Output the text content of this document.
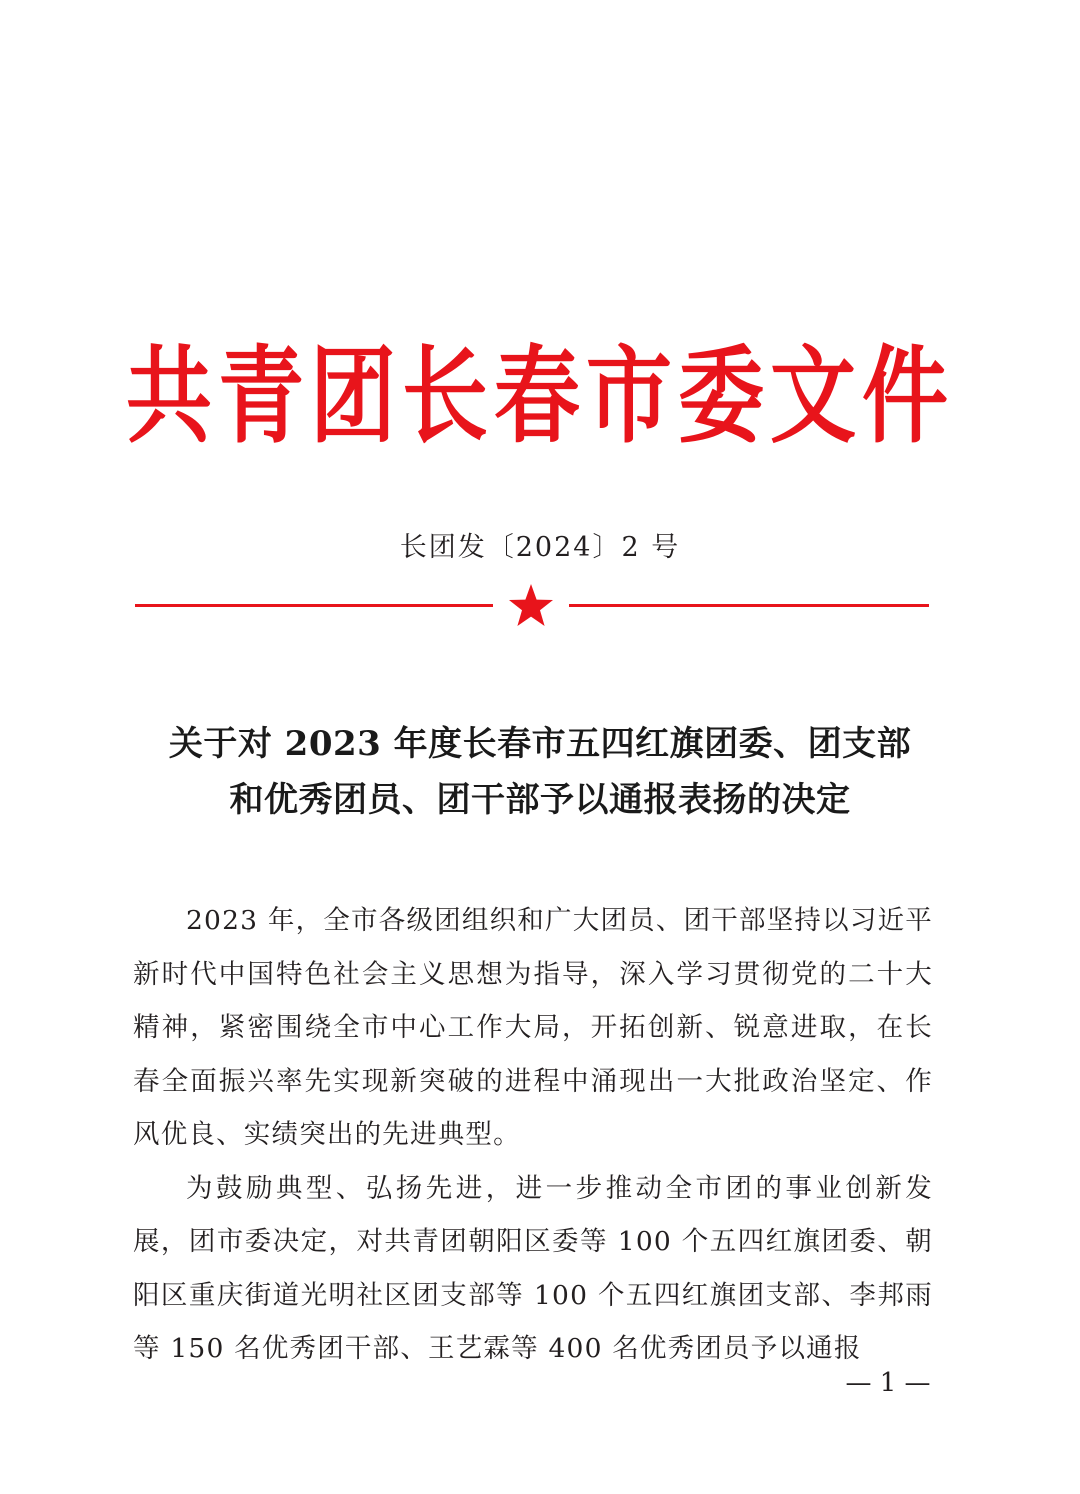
共青团长春市委文件
长团发〔2024〕2 号
关于对 2023 年度长春市五四红旗团委、团支部
和优秀团员、团干部予以通报表扬的决定

2023 年，全市各级团组织和广大团员、团干部坚持以习近平新时代中国特色社会主义思想为指导，深入学习贯彻党的二十大精神，紧密围绕全市中心工作大局，开拓创新、锐意进取，在长春全面振兴率先实现新突破的进程中涌现出一大批政治坚定、作风优良、实绩突出的先进典型。

为鼓励典型、弘扬先进，进一步推动全市团的事业创新发展，团市委决定，对共青团朝阳区委等 100 个五四红旗团委、朝阳区重庆街道光明社区团支部等 100 个五四红旗团支部、李邦雨等 150 名优秀团干部、王艺霖等 400 名优秀团员予以通报

— 1 —
